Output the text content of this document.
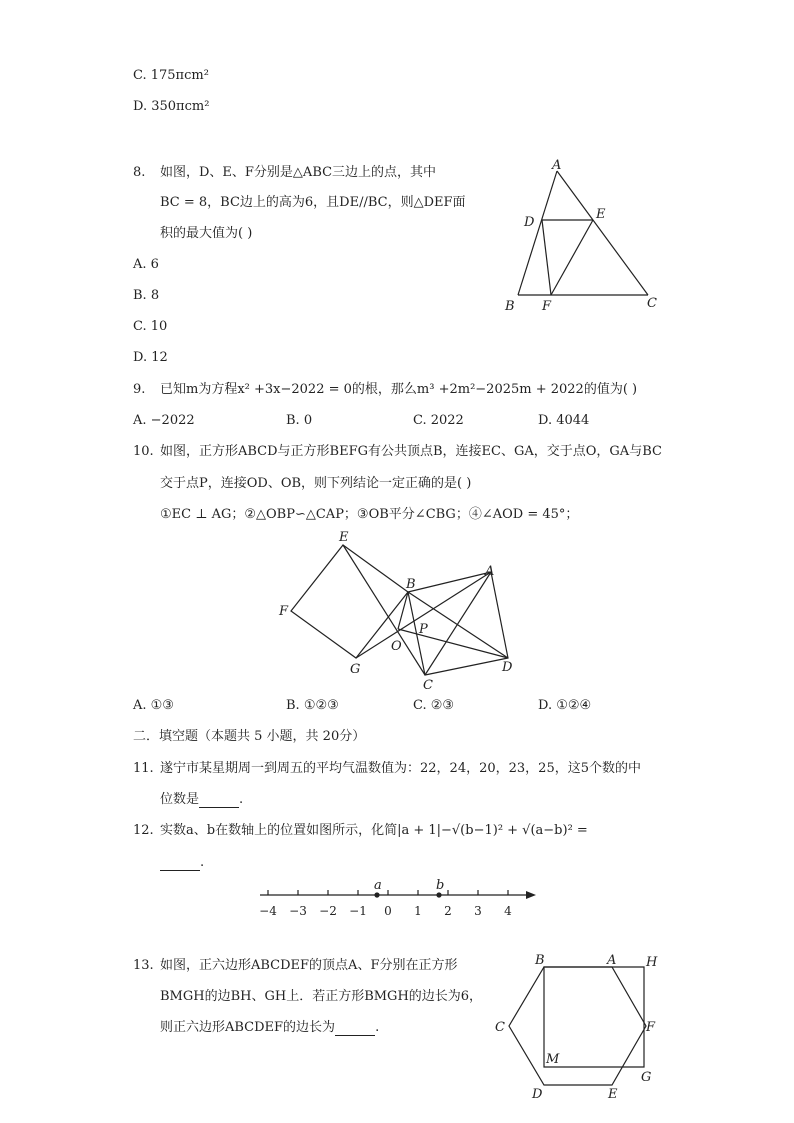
C. 175πcm²
D. 350πcm²
8. 如图，D、E、F分别是△ABC三边上的点，其中
BC = 8，BC边上的高为6，且DE//BC，则△DEF面
积的最大值为( )
A. 6
B. 8
C. 10
D. 12
A
D
E
B F	C
9. 已知m为方程x² +3x−2022 = 0的根，那么m³ +2m²−2025m + 2022的值为( )
A. −2022	B. 0	C. 2022	D. 4044
10. 如图，正方形ABCD与正方形BEFG有公共顶点B，连接EC、GA，交于点O，GA与BC
交于点P，连接OD、OB，则下列结论一定正确的是( )
①EC ⊥ AG；②△OBP∽△CAP；③OB平分∠CBG；④∠AOD = 45°；
E
F
B
A
P
O
G
C
D
A. ①③	B. ①②③	C. ②③	D. ①②④
二．填空题（本题共 5 小题，共 20分）
11. 遂宁市某星期周一到周五的平均气温数值为：22，24，20，23，25，这5个数的中
位数是	.
12. 实数a、b在数轴上的位置如图所示，化简|a + 1|−√(b−1)² + √(a−b)² =
.
−4 −3 −2 −1 0 1 2 3 4
a	b
13. 如图，正六边形ABCDEF的顶点A、F分别在正方形
BMGH的边BH、GH上．若正方形BMGH的边长为6，
则正六边形ABCDEF的边长为	.
B	A H
C	F
M
G
D	E
